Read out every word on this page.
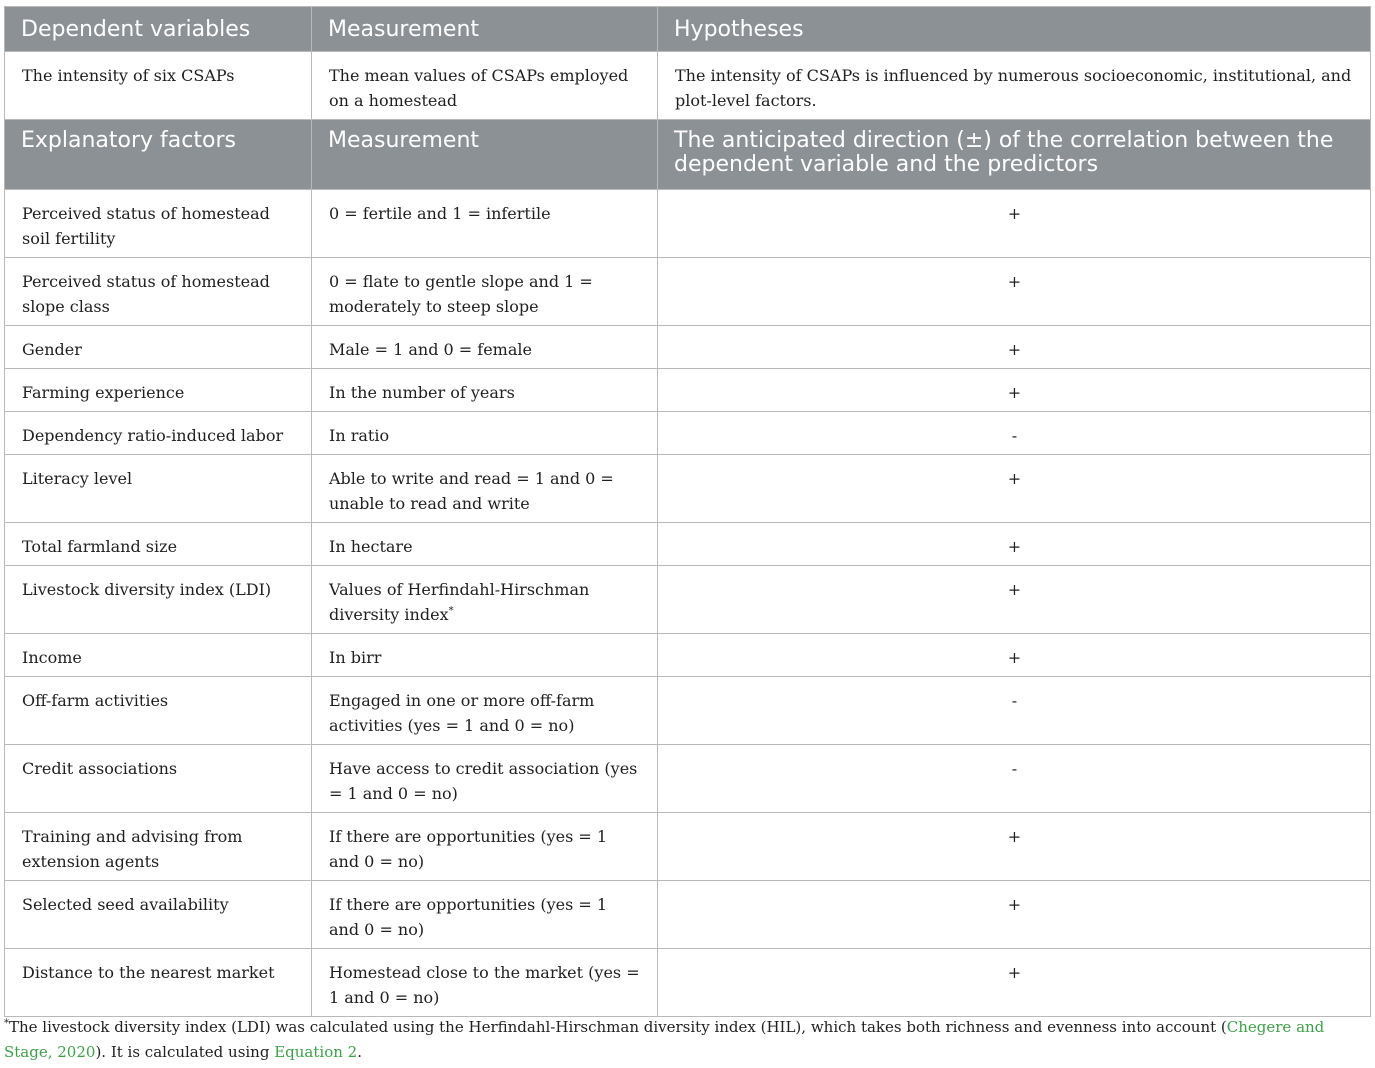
Dependent variables	Measurement	Hypotheses
The intensity of six CSAPs	The mean values of CSAPs employed on a homestead	The intensity of CSAPs is influenced by numerous socioeconomic, institutional, and plot-level factors.
Explanatory factors	Measurement	The anticipated direction (±) of the correlation between the dependent variable and the predictors
Perceived status of homestead soil fertility	0 = fertile and 1 = infertile	+
Perceived status of homestead slope class	0 = flate to gentle slope and 1 = moderately to steep slope	+
Gender	Male = 1 and 0 = female	+
Farming experience	In the number of years	+
Dependency ratio-induced labor	In ratio	-
Literacy level	Able to write and read = 1 and 0 = unable to read and write	+
Total farmland size	In hectare	+
Livestock diversity index (LDI)	Values of Herfindahl-Hirschman diversity index*	+
Income	In birr	+
Off-farm activities	Engaged in one or more off-farm activities (yes = 1 and 0 = no)	-
Credit associations	Have access to credit association (yes = 1 and 0 = no)	-
Training and advising from extension agents	If there are opportunities (yes = 1 and 0 = no)	+
Selected seed availability	If there are opportunities (yes = 1 and 0 = no)	+
Distance to the nearest market	Homestead close to the market (yes = 1 and 0 = no)	+
*The livestock diversity index (LDI) was calculated using the Herfindahl-Hirschman diversity index (HIL), which takes both richness and evenness into account (Chegere and Stage, 2020). It is calculated using Equation 2.
